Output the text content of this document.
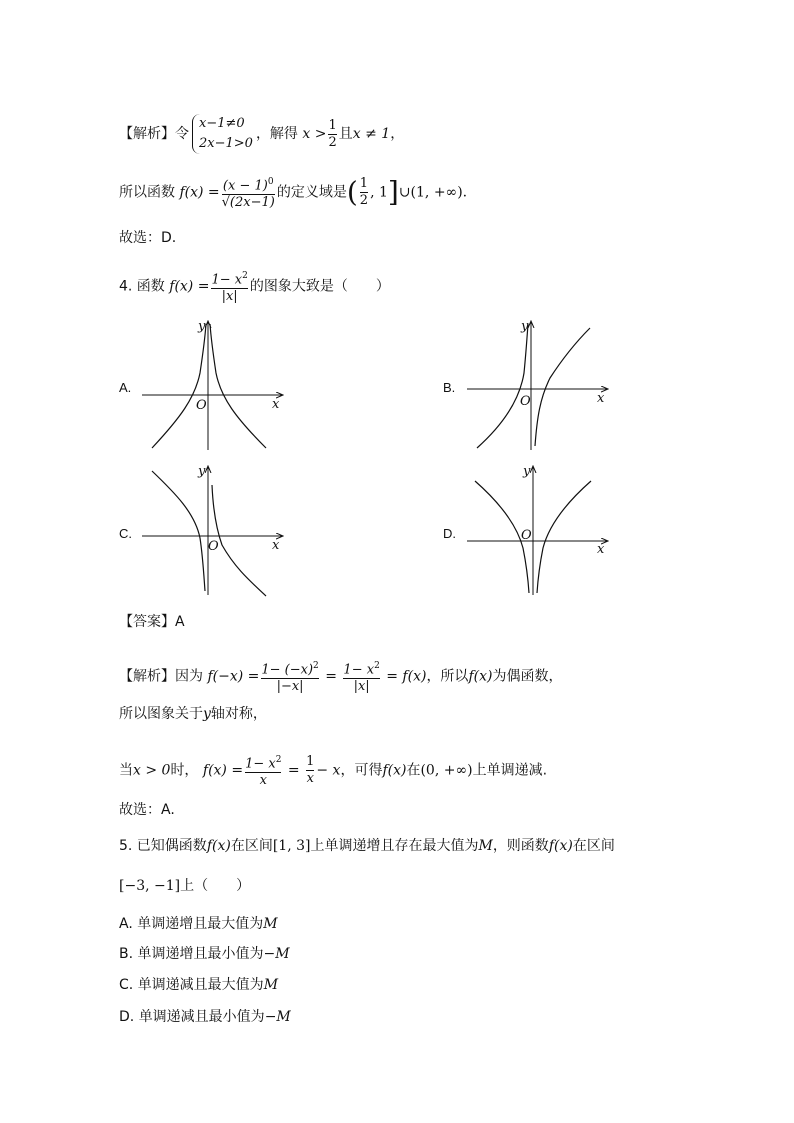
【解析】令
x−1≠0
2x−1>0
，解得 $x > \frac{1}{2}$ 且x ≠ 1，
所以函数 $f(x) = \frac{(x - 1)^0}{√(2x-1)}$ 的定义域是( $\frac{1}{2}$ , 1]∪(1, +∞).
故选：D.
4. 函数 $f(x) = \frac{1- x^2}{|x|}$ 的图象大致是（　　）
A.	B.
C.	D.
O	x
y
O	x
y
O	x
y
O
x
y
【答案】A
【解析】因为 $f(-x) = \frac{1- (-x)^2}{|-x|} = \frac{1- x^2}{|x|} = f(x)$，所以f(x)为偶函数，
所以图象关于y轴对称，
当x > 0时， $f(x) = \frac{1- x^2}{x} = \frac{1}{x} - x$，可得f(x)在(0, +∞)上单调递减.
故选：A.
5. 已知偶函数f(x)在区间[1, 3]上单调递增且存在最大值为M，则函数f(x)在区间
[−3, −1]上（　　）
A. 单调递增且最大值为M
B. 单调递增且最小值为−M
C. 单调递减且最大值为M
D. 单调递减且最小值为−M
